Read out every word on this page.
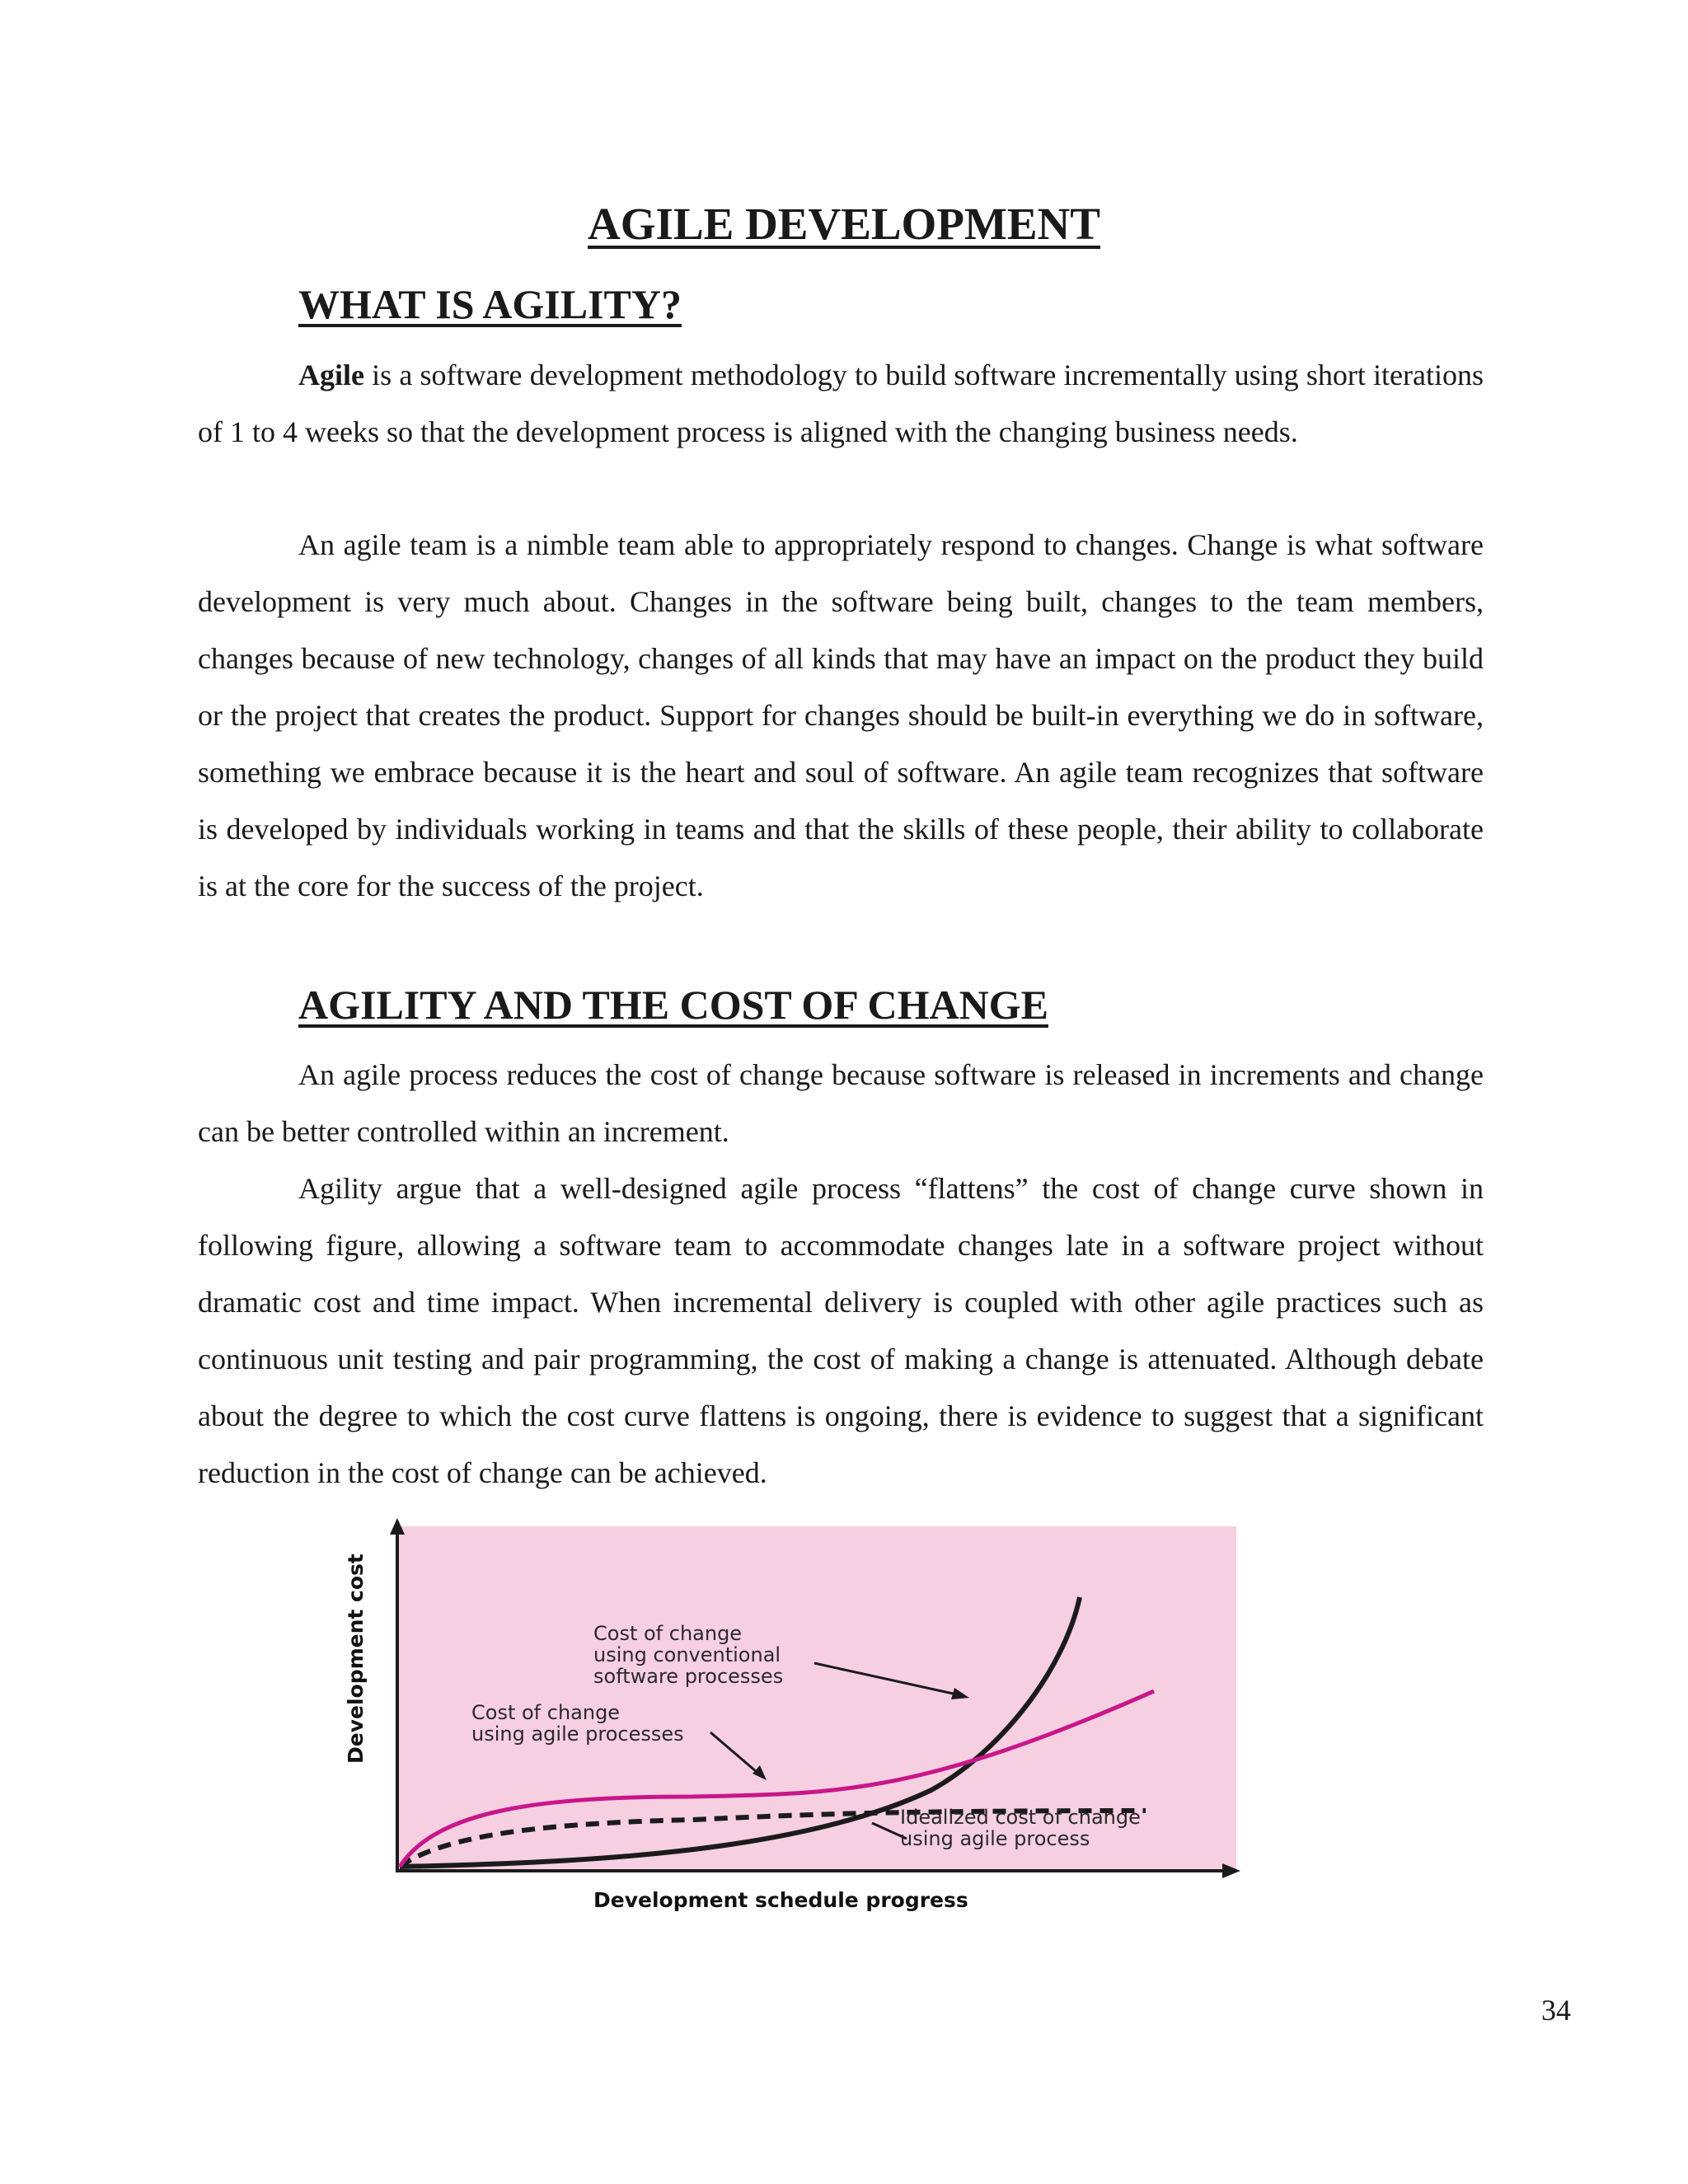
AGILE DEVELOPMENT
WHAT IS AGILITY?

Agile is a software development methodology to build software incrementally using short iterations of 1 to 4 weeks so that the development process is aligned with the changing business needs.

An agile team is a nimble team able to appropriately respond to changes. Change is what software development is very much about. Changes in the software being built, changes to the team members, changes because of new technology, changes of all kinds that may have an impact on the product they build or the project that creates the product. Support for changes should be built-in everything we do in software, something we embrace because it is the heart and soul of software. An agile team recognizes that software is developed by individuals working in teams and that the skills of these people, their ability to collaborate is at the core for the success of the project.

AGILITY AND THE COST OF CHANGE

An agile process reduces the cost of change because software is released in increments and change can be better controlled within an increment.

Agility argue that a well-designed agile process “flattens” the cost of change curve shown in following figure, allowing a software team to accommodate changes late in a software project without dramatic cost and time impact. When incremental delivery is coupled with other agile practices such as continuous unit testing and pair programming, the cost of making a change is attenuated. Although debate about the degree to which the cost curve flattens is ongoing, there is evidence to suggest that a significant reduction in the cost of change can be achieved.

Cost of change
using conventional
software processes
Cost of change
using agile processes
Idealized cost of change
using agile process
Development schedule progress
Development cost
34
